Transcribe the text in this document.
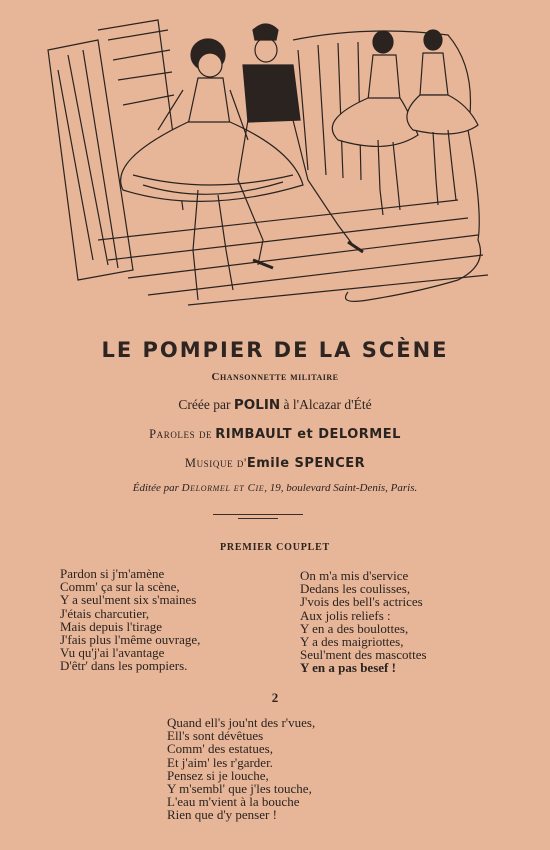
LE POMPIER DE LA SCÈNE
Chansonnette militaire
Créée par POLIN à l'Alcazar d'Été
Paroles de RIMBAULT et DELORMEL
Musique d'Emile SPENCER
Éditée par Delormel et Cie, 19, boulevard Saint-Denis, Paris.
PREMIER COUPLET
Pardon si j'm'amène
Comm' ça sur la scène,
Y a seul'ment six s'maines
J'étais charcutier,
Mais depuis l'tirage
J'fais plus l'même ouvrage,
Vu qu'j'ai l'avantage
D'êtr' dans les pompiers.
On m'a mis d'service
Dedans les coulisses,
J'vois des bell's actrices
Aux jolis reliefs :
Y en a des boulottes,
Y a des maigriottes,
Seul'ment des mascottes
Y en a pas besef !
2
Quand ell's jou'nt des r'vues,
Ell's sont dévêtues
Comm' des estatues,
Et j'aim' les r'garder.
Pensez si je louche,
Y m'sembl' que j'les touche,
L'eau m'vient à la bouche
Rien que d'y penser !
